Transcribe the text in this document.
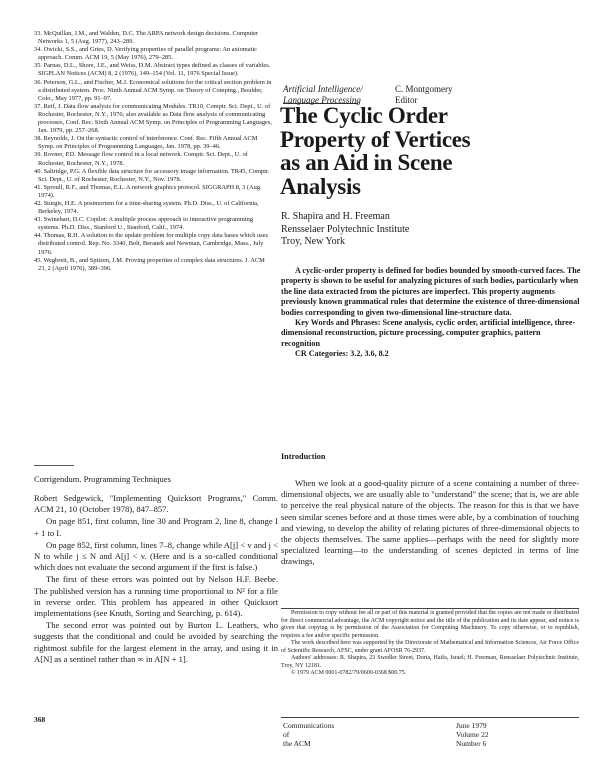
33. McQuillan, J.M., and Walden, D.C. The ARPA network design decisions. Computer Networks 1, 5 (Aug. 1977), 243–289.

34. Owicki, S.S., and Gries, D. Verifying properties of parallel programs: An axiomatic approach. Comm. ACM 19, 5 (May 1976), 279–285.

35. Parnas, D.L., Shore, J.E., and Weiss, D.M. Abstract types defined as classes of variables. SIGPLAN Notices (ACM) 8, 2 (1976), 149–154 (Vol. 11, 1976 Special Issue).

36. Peterson, G.L., and Fischer, M.J. Economical solutions for the critical section problem in a distributed system. Proc. Ninth Annual ACM Symp. on Theory of Comptng., Boulder, Colo., May 1977, pp. 91–97.

37. Reif, J. Data flow analysis for communicating Modules. TR10, Comptr. Sci. Dept., U. of Rochester, Rochester, N.Y., 1976; also available as Data flow analysis of communicating processes, Conf. Rec. Sixth Annual ACM Symp. on Principles of Programming Languages, Jan. 1979, pp. 257–268.

38. Reynolds, J. On the syntactic control of interference. Conf. Rec. Fifth Annual ACM Symp. on Principles of Programming Languages, Jan. 1978, pp. 39–46.

39. Rovner, P.D. Message flow control in a local network. Comptr. Sci. Dept., U. of Rochester, Rochester, N.Y., 1978.

40. Saltridge, P.G. A flexible data structure for accessory image information. TR45, Comptr. Sci. Dept., U. of Rochester, Rochester, N.Y., Nov. 1978.

41. Sproull, R.F., and Thomas, E.L. A network graphics protocol. SIGGRAPH 8, 3 (Aug. 1974).

42. Sturgis, H.E. A postmortem for a time-sharing system. Ph.D. Diss., U. of California, Berkeley, 1974.

43. Swinehart, D.C. Copilot: A multiple process approach to interactive programming systems. Ph.D. Diss., Stanford U., Stanford, Calif., 1974.

44. Thomas, R.H. A solution to the update problem for multiple copy data bases which uses distributed control. Rep. No. 3340, Bolt, Beranek and Newman, Cambridge, Mass., July 1976.

45. Wegbreit, B., and Spitzen, J.M. Proving properties of complex data structures. J. ACM 23, 2 (April 1976), 389–396.

Corrigendum. Programming Techniques

Robert Sedgewick, "Implementing Quicksort Programs," Comm. ACM 21, 10 (October 1978), 847–857.

On page 851, first column, line 30 and Program 2, line 8, change I + 1 to I.

On page 852, first column, lines 7–8, change while A[j] < v and j < N to while j ≤ N and A[j] < v. (Here and is a so-called conditional which does not evaluate the second argument if the first is false.)

The first of these errors was pointed out by Nelson H.F. Beebe. The published version has a running time proportional to N² for a file in reverse order. This problem has appeared in other Quicksort implementations (see Knuth, Sorting and Searching, p. 614).

The second error was pointed out by Burton L. Leathers, who suggests that the conditional and could be avoided by searching the rightmost subfile for the largest element in the array, and using it in A[N] as a sentinel rather than ∞ in A[N + 1].

368
Artificial Intelligence/
Language Processing
C. Montgomery
Editor
The Cyclic Order
Property of Vertices
as an Aid in Scene
Analysis
R. Shapira and H. Freeman
Rensselaer Polytechnic Institute
Troy, New York

A cyclic-order property is defined for bodies bounded by smooth-curved faces. The property is shown to be useful for analyzing pictures of such bodies, particularly when the line data extracted from the pictures are imperfect. This property augments previously known grammatical rules that determine the existence of three-dimensional bodies corresponding to given two-dimensional line-structure data.

Key Words and Phrases: Scene analysis, cyclic order, artificial intelligence, three-dimensional reconstruction, picture processing, computer graphics, pattern recognition

CR Categories: 3.2, 3.6, 8.2

Introduction

When we look at a good-quality picture of a scene containing a number of three-dimensional objects, we are usually able to "understand" the scene; that is, we are able to perceive the real physical nature of the objects. The reason for this is that we have seen similar scenes before and at those times were able, by a combination of touching and viewing, to develop the ability of relating pictures of three-dimensional objects to the objects themselves. The same applies—perhaps with the need for slightly more specialized learning—to the understanding of scenes depicted in terms of line drawings,

Permission to copy without fee all or part of this material is granted provided that the copies are not made or distributed for direct commercial advantage, the ACM copyright notice and the title of the publication and its date appear, and notice is given that copying is by permission of the Association for Computing Machinery. To copy otherwise, or to republish, requires a fee and/or specific permission.

The work described here was supported by the Directorate of Mathematical and Information Sciences, Air Force Office of Scientific Research, AFSC, under grant AFOSR 76-2937.

Authors' addresses: R. Shapira, 23 Swedler Street, Doria, Haifa, Israel; H. Freeman, Rensselaer Polytechnic Institute, Troy, NY 12181.

© 1979 ACM 0001-0782/79/0600-0368 $00.75.

Communications
of
the ACM
June 1979
Volume 22
Number 6
